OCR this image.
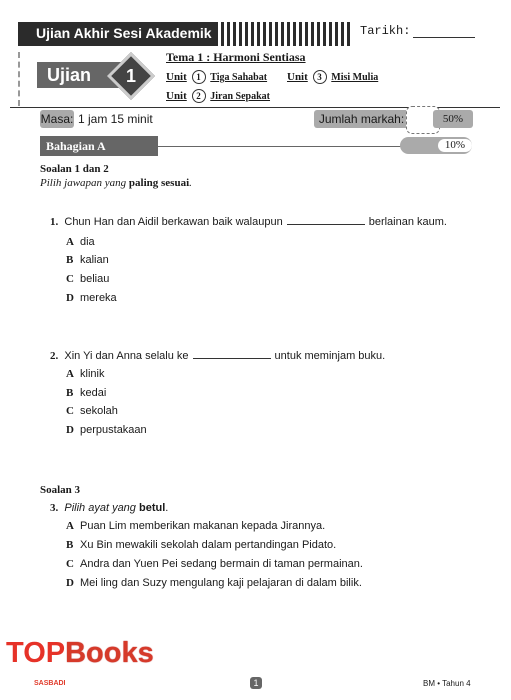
Ujian Akhir Sesi Akademik	Tarikh:
Ujian	1
Tema 1 : Harmoni Sentiasa
Unit 1 Tiga Sahabat Unit 3 Misi Mulia
Unit 2 Jiran Sepakat
Masa: 1 jam 15 minit	Jumlah markah:	50%
Bahagian A	10%
Soalan 1 dan 2
Pilih jawapan yang paling sesuai.
1. Chun Han dan Aidil berkawan baik walaupun	berlainan kaum.
A dia
B kalian
C beliau
D mereka
2. Xin Yi dan Anna selalu ke	untuk meminjam buku.
A klinik
B kedai
C sekolah
D perpustakaan
Soalan 3
3. Pilih ayat yang betul.
A Puan Lim memberikan makanan kepada Jirannya.
B Xu Bin mewakili sekolah dalam pertandingan Pidato.
C Andra dan Yuen Pei sedang bermain di taman permainan.
D Mei ling dan Suzy mengulang kaji pelajaran di dalam bilik.
TOPBooks
SASBADI	1	BM • Tahun 4
